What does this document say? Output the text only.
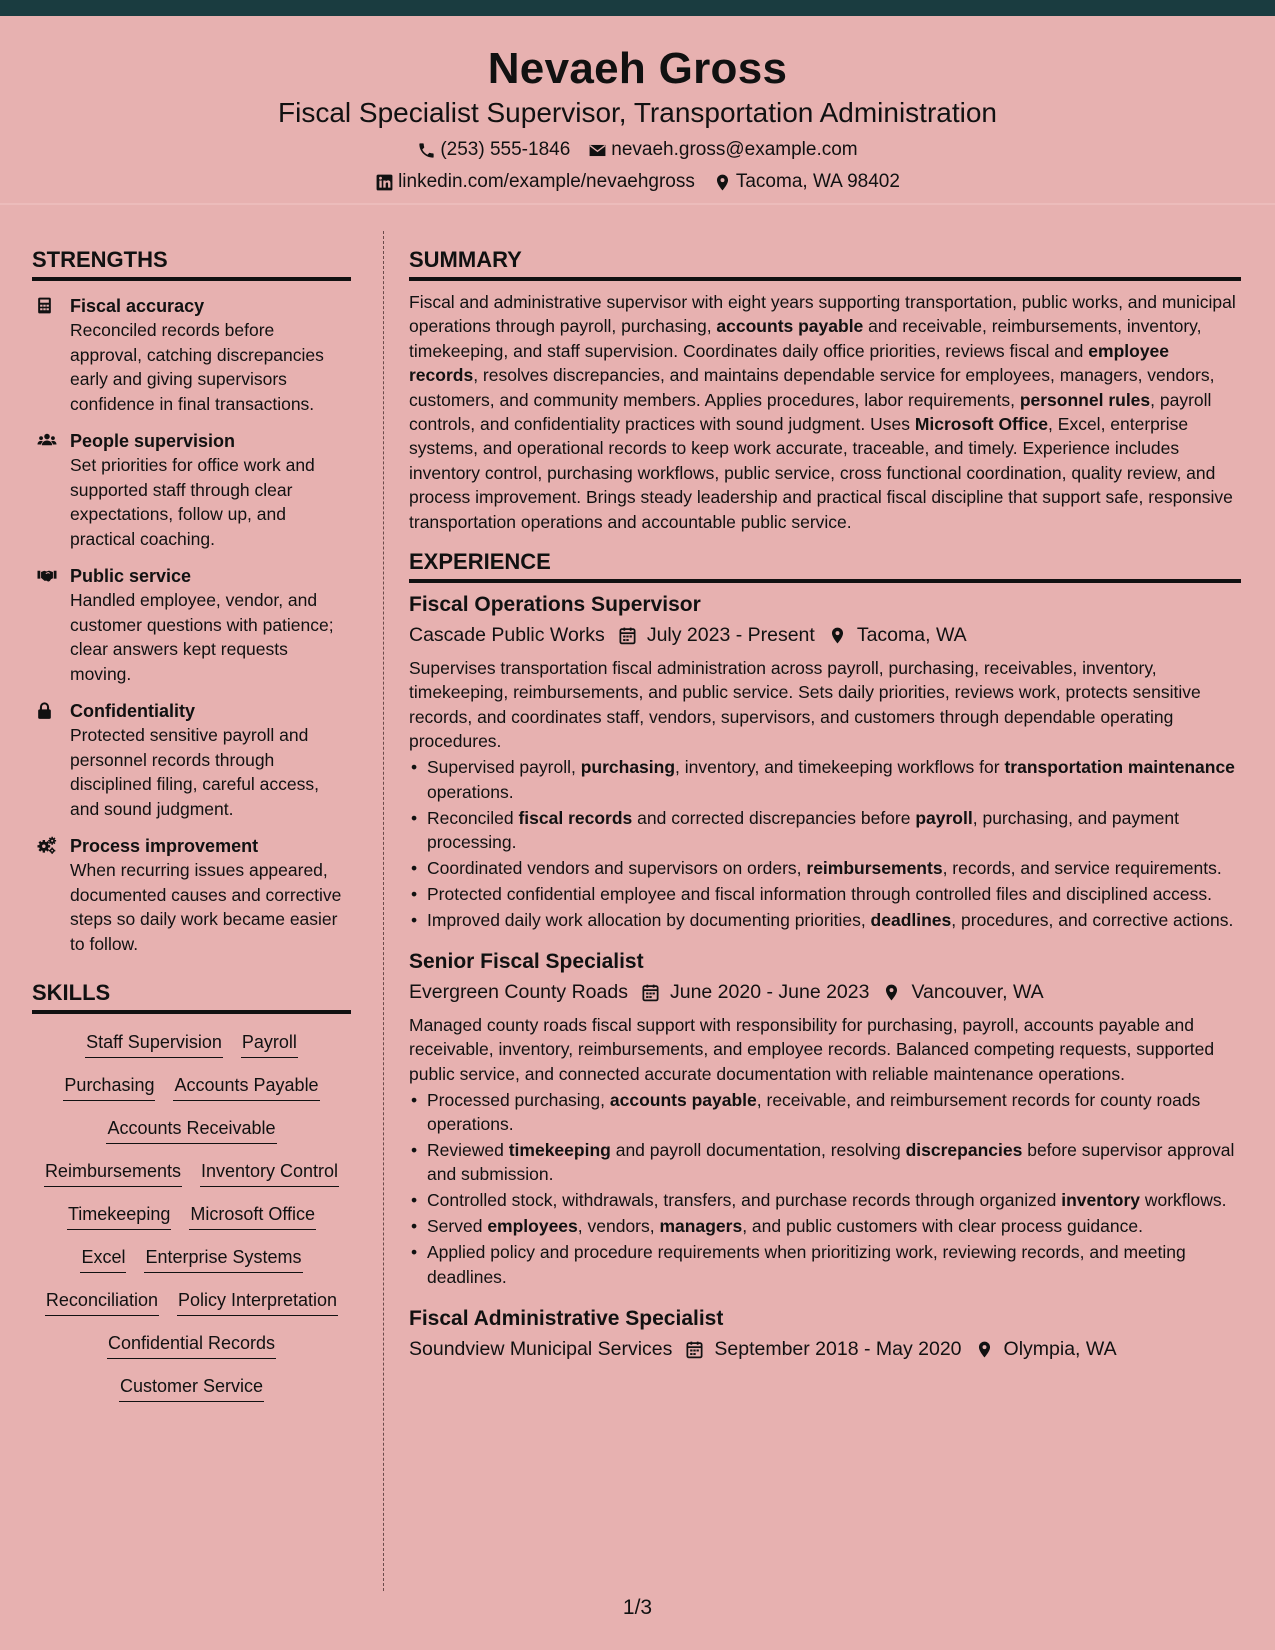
Nevaeh Gross
Fiscal Specialist Supervisor, Transportation Administration
(253) 555-1846 nevaeh.gross@example.com
linkedin.com/example/nevaehgross Tacoma, WA 98402
STRENGTHS
Fiscal accuracy
Reconciled records before approval, catching discrepancies early and giving supervisors confidence in final transactions.
People supervision
Set priorities for office work and supported staff through clear expectations, follow up, and practical coaching.
Public service
Handled employee, vendor, and customer questions with patience; clear answers kept requests moving.
Confidentiality
Protected sensitive payroll and personnel records through disciplined filing, careful access, and sound judgment.
Process improvement
When recurring issues appeared, documented causes and corrective steps so daily work became easier to follow.
SKILLS
Staff Supervision Payroll
Purchasing Accounts Payable
Accounts Receivable
Reimbursements Inventory Control
Timekeeping Microsoft Office
Excel Enterprise Systems
Reconciliation Policy Interpretation
Confidential Records
Customer Service
SUMMARY
Fiscal and administrative supervisor with eight years supporting transportation, public works, and municipal operations through payroll, purchasing, accounts payable and receivable, reimbursements, inventory, timekeeping, and staff supervision. Coordinates daily office priorities, reviews fiscal and employee records, resolves discrepancies, and maintains dependable service for employees, managers, vendors, customers, and community members. Applies procedures, labor requirements, personnel rules, payroll controls, and confidentiality practices with sound judgment. Uses Microsoft Office, Excel, enterprise systems, and operational records to keep work accurate, traceable, and timely. Experience includes inventory control, purchasing workflows, public service, cross functional coordination, quality review, and process improvement. Brings steady leadership and practical fiscal discipline that support safe, responsive transportation operations and accountable public service.
EXPERIENCE
Fiscal Operations Supervisor
Cascade Public Works July 2023 - Present Tacoma, WA
Supervises transportation fiscal administration across payroll, purchasing, receivables, inventory, timekeeping, reimbursements, and public service. Sets daily priorities, reviews work, protects sensitive records, and coordinates staff, vendors, supervisors, and customers through dependable operating procedures.
• Supervised payroll, purchasing, inventory, and timekeeping workflows for transportation maintenance operations.
• Reconciled fiscal records and corrected discrepancies before payroll, purchasing, and payment processing.
• Coordinated vendors and supervisors on orders, reimbursements, records, and service requirements.
• Protected confidential employee and fiscal information through controlled files and disciplined access.
• Improved daily work allocation by documenting priorities, deadlines, procedures, and corrective actions.
Senior Fiscal Specialist
Evergreen County Roads June 2020 - June 2023 Vancouver, WA
Managed county roads fiscal support with responsibility for purchasing, payroll, accounts payable and receivable, inventory, reimbursements, and employee records. Balanced competing requests, supported public service, and connected accurate documentation with reliable maintenance operations.
• Processed purchasing, accounts payable, receivable, and reimbursement records for county roads operations.
• Reviewed timekeeping and payroll documentation, resolving discrepancies before supervisor approval and submission.
• Controlled stock, withdrawals, transfers, and purchase records through organized inventory workflows.
• Served employees, vendors, managers, and public customers with clear process guidance.
• Applied policy and procedure requirements when prioritizing work, reviewing records, and meeting deadlines.
Fiscal Administrative Specialist
Soundview Municipal Services September 2018 - May 2020 Olympia, WA
1/3
